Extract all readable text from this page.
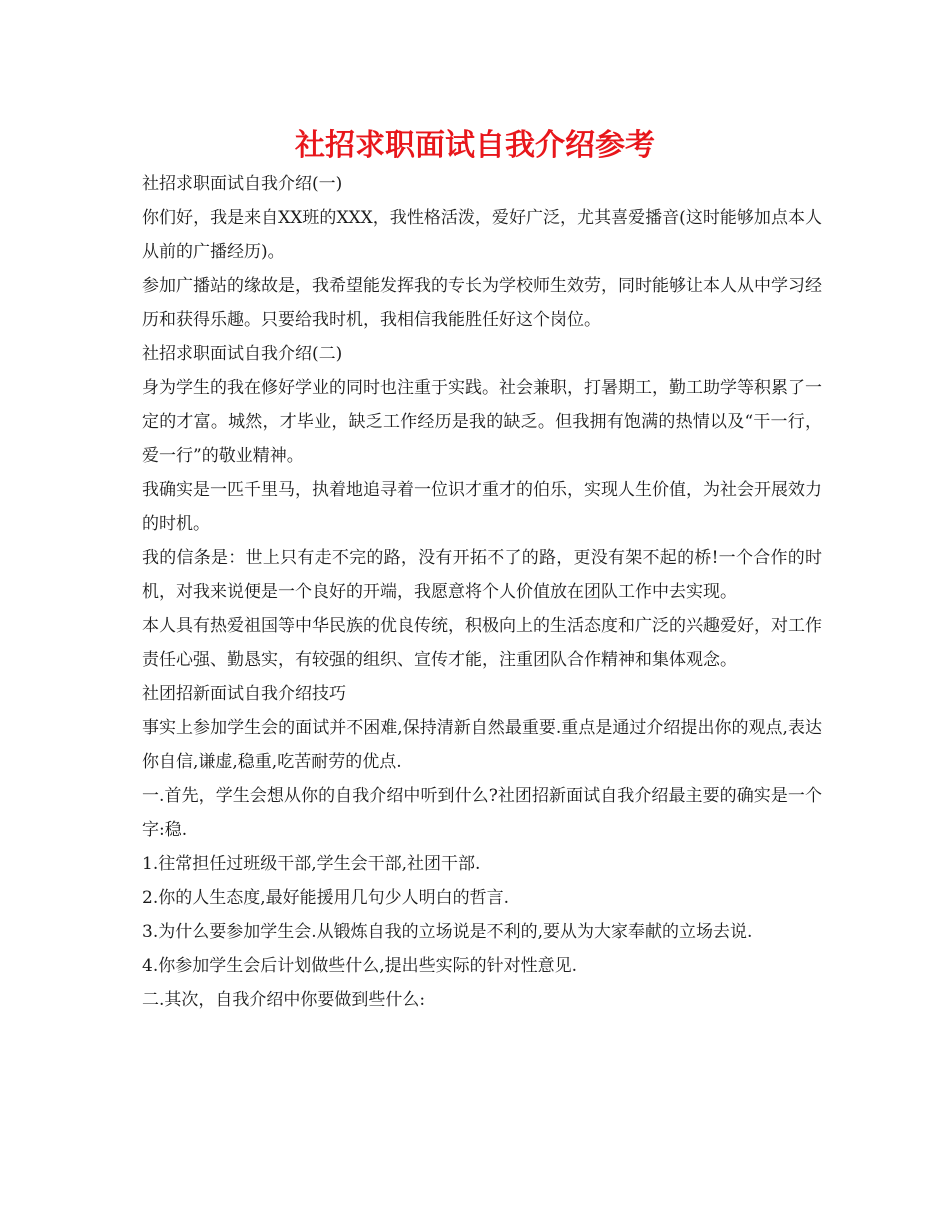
社招求职面试自我介绍参考

社招求职面试自我介绍(一)

你们好，我是来自XX班的XXX，我性格活泼，爱好广泛，尤其喜爱播音(这时能够加点本人从前的广播经历)。

参加广播站的缘故是，我希望能发挥我的专长为学校师生效劳，同时能够让本人从中学习经历和获得乐趣。只要给我时机，我相信我能胜任好这个岗位。

社招求职面试自我介绍(二)

身为学生的我在修好学业的同时也注重于实践。社会兼职，打暑期工，勤工助学等积累了一定的才富。城然，才毕业，缺乏工作经历是我的缺乏。但我拥有饱满的热情以及“干一行，爱一行”的敬业精神。

我确实是一匹千里马，执着地追寻着一位识才重才的伯乐，实现人生价值，为社会开展效力的时机。

我的信条是：世上只有走不完的路，没有开拓不了的路，更没有架不起的桥!一个合作的时机，对我来说便是一个良好的开端，我愿意将个人价值放在团队工作中去实现。

本人具有热爱祖国等中华民族的优良传统，积极向上的生活态度和广泛的兴趣爱好，对工作责任心强、勤恳实，有较强的组织、宣传才能，注重团队合作精神和集体观念。

社团招新面试自我介绍技巧

事实上参加学生会的面试并不困难,保持清新自然最重要.重点是通过介绍提出你的观点,表达你自信,谦虚,稳重,吃苦耐劳的优点.

一.首先，学生会想从你的自我介绍中听到什么?社团招新面试自我介绍最主要的确实是一个字:稳.

1.往常担任过班级干部,学生会干部,社团干部.

2.你的人生态度,最好能援用几句少人明白的哲言.

3.为什么要参加学生会.从锻炼自我的立场说是不利的,要从为大家奉献的立场去说.

4.你参加学生会后计划做些什么,提出些实际的针对性意见.

二.其次，自我介绍中你要做到些什么:
